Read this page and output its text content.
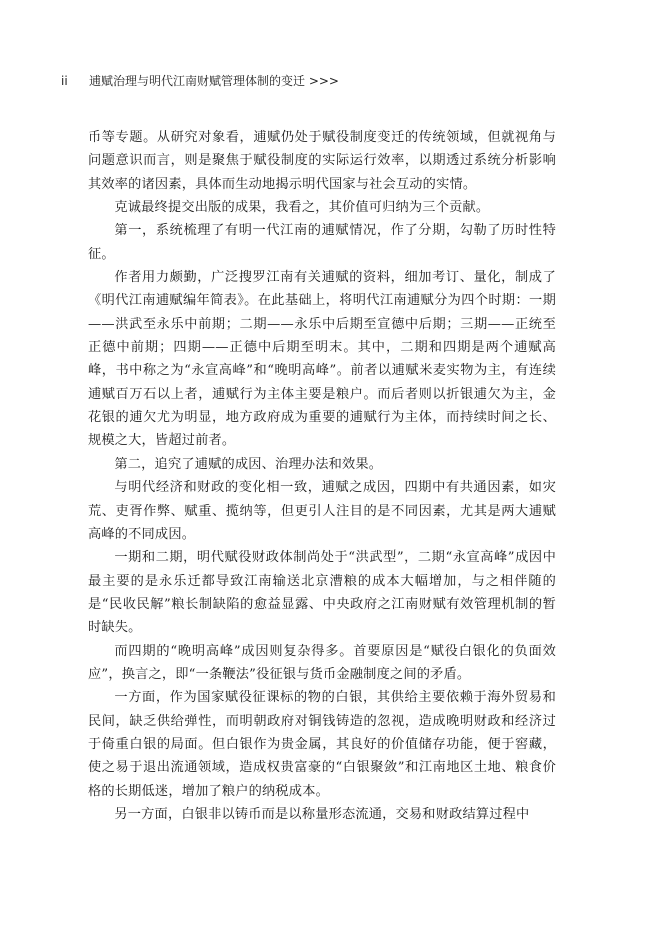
ii 逋赋治理与明代江南财赋管理体制的变迁 >>>

币等专题。从研究对象看，逋赋仍处于赋役制度变迁的传统领域，但就视角与问题意识而言，则是聚焦于赋役制度的实际运行效率，以期透过系统分析影响其效率的诸因素，具体而生动地揭示明代国家与社会互动的实情。

克诚最终提交出版的成果，我看之，其价值可归纳为三个贡献。

第一，系统梳理了有明一代江南的逋赋情况，作了分期，勾勒了历时性特征。

作者用力颇勤，广泛搜罗江南有关逋赋的资料，细加考订、量化，制成了《明代江南逋赋编年简表》。在此基础上，将明代江南逋赋分为四个时期：一期——洪武至永乐中前期；二期——永乐中后期至宣德中后期；三期——正统至正德中前期；四期——正德中后期至明末。其中，二期和四期是两个逋赋高峰，书中称之为“永宣高峰”和“晚明高峰”。前者以逋赋米麦实物为主，有连续逋赋百万石以上者，逋赋行为主体主要是粮户。而后者则以折银逋欠为主，金花银的逋欠尤为明显，地方政府成为重要的逋赋行为主体，而持续时间之长、规模之大，皆超过前者。

第二，追究了逋赋的成因、治理办法和效果。

与明代经济和财政的变化相一致，逋赋之成因，四期中有共通因素，如灾荒、吏胥作弊、赋重、揽纳等，但更引人注目的是不同因素，尤其是两大逋赋高峰的不同成因。

一期和二期，明代赋役财政体制尚处于“洪武型”，二期“永宣高峰”成因中最主要的是永乐迁都导致江南输送北京漕粮的成本大幅增加，与之相伴随的是“民收民解”粮长制缺陷的愈益显露、中央政府之江南财赋有效管理机制的暂时缺失。

而四期的“晚明高峰”成因则复杂得多。首要原因是“赋役白银化的负面效应”，换言之，即“一条鞭法”役征银与货币金融制度之间的矛盾。

一方面，作为国家赋役征课标的物的白银，其供给主要依赖于海外贸易和民间，缺乏供给弹性，而明朝政府对铜钱铸造的忽视，造成晚明财政和经济过于倚重白银的局面。但白银作为贵金属，其良好的价值储存功能，便于窖藏，使之易于退出流通领域，造成权贵富豪的“白银聚敛”和江南地区土地、粮食价格的长期低迷，增加了粮户的纳税成本。

另一方面，白银非以铸币而是以称量形态流通，交易和财政结算过程中
